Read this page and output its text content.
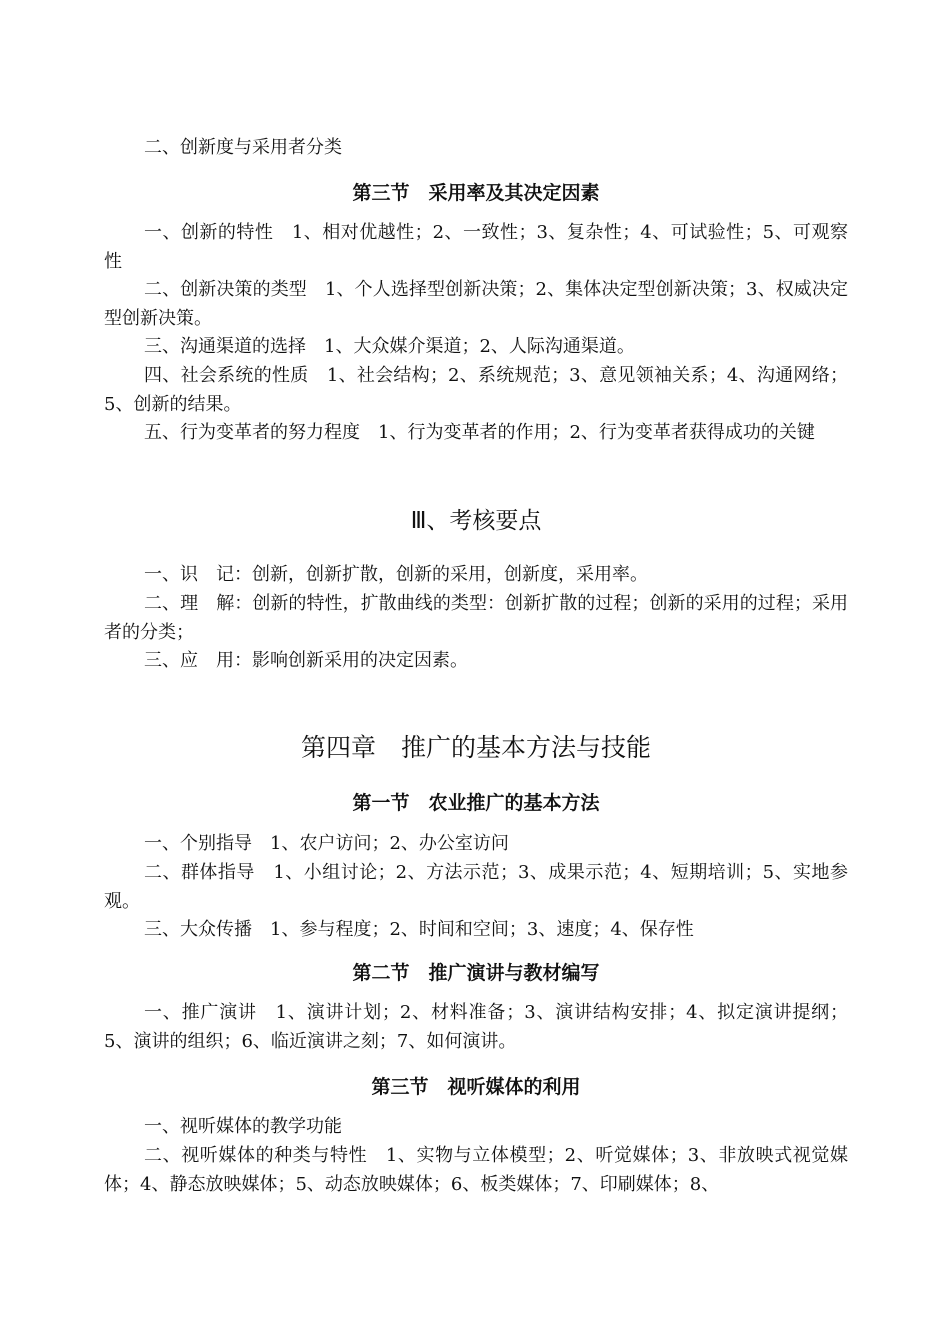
二、创新度与采用者分类

第三节　采用率及其决定因素

一、创新的特性　1、相对优越性；2、一致性；3、复杂性；4、可试验性；5、可观察性

二、创新决策的类型　1、个人选择型创新决策；2、集体决定型创新决策；3、权威决定型创新决策。

三、沟通渠道的选择　1、大众媒介渠道；2、人际沟通渠道。

四、社会系统的性质　1、社会结构；2、系统规范；3、意见领袖关系；4、沟通网络；5、创新的结果。

五、行为变革者的努力程度　1、行为变革者的作用；2、行为变革者获得成功的关键

Ⅲ、考核要点

一、识　记：创新，创新扩散，创新的采用，创新度，采用率。

二、理　解：创新的特性，扩散曲线的类型：创新扩散的过程；创新的采用的过程；采用者的分类；

三、应　用：影响创新采用的决定因素。

第四章　推广的基本方法与技能

第一节　农业推广的基本方法

一、个别指导　1、农户访问；2、办公室访问

二、群体指导　1、小组讨论；2、方法示范；3、成果示范；4、短期培训；5、实地参观。

三、大众传播　1、参与程度；2、时间和空间；3、速度；4、保存性

第二节　推广演讲与教材编写

一、推广演讲　1、演讲计划；2、材料准备；3、演讲结构安排；4、拟定演讲提纲；5、演讲的组织；6、临近演讲之刻；7、如何演讲。

第三节　视听媒体的利用

一、视听媒体的教学功能

二、视听媒体的种类与特性　1、实物与立体模型；2、听觉媒体；3、非放映式视觉媒体；4、静态放映媒体；5、动态放映媒体；6、板类媒体；7、印刷媒体；8、
